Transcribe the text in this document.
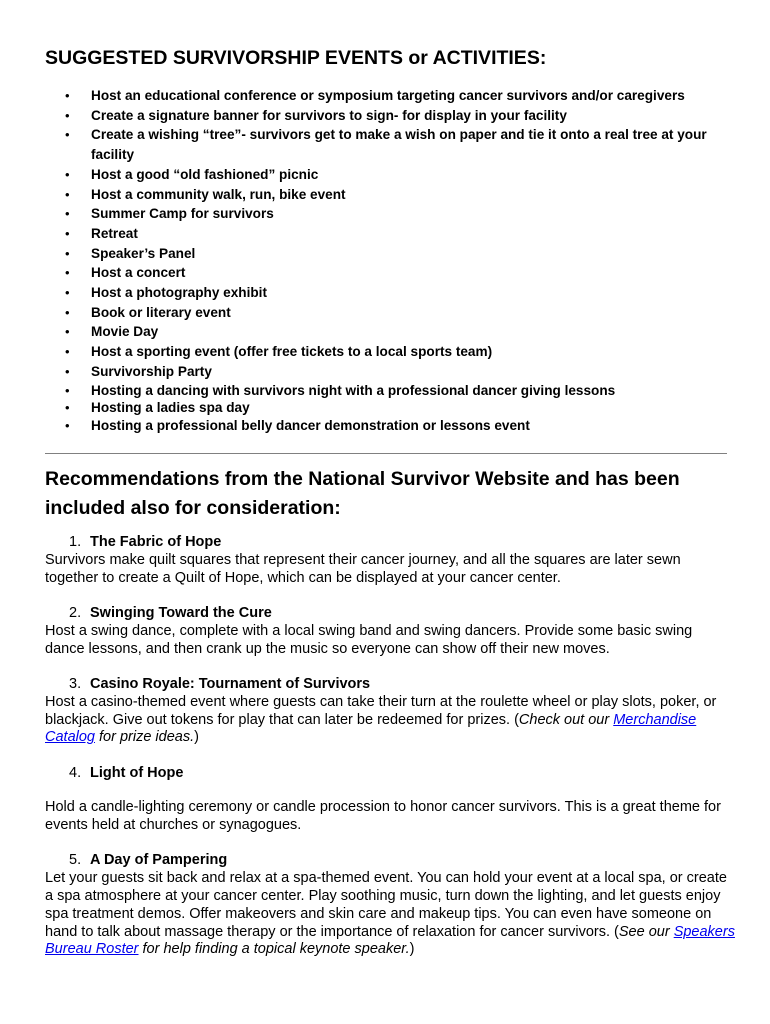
SUGGESTED SURVIVORSHIP EVENTS or ACTIVITIES:
• Host an educational conference or symposium targeting cancer survivors and/or caregivers
• Create a signature banner for survivors to sign- for display in your facility
• Create a wishing “tree”- survivors get to make a wish on paper and tie it onto a real tree at your facility
• Host a good “old fashioned” picnic
• Host a community walk, run, bike event
• Summer Camp for survivors
• Retreat
• Speaker’s Panel
• Host a concert
• Host a photography exhibit
• Book or literary event
• Movie Day
• Host a sporting event (offer free tickets to a local sports team)
• Survivorship Party
• Hosting a dancing with survivors night with a professional dancer giving lessons
• Hosting a ladies spa day
• Hosting a professional belly dancer demonstration or lessons event
Recommendations from the National Survivor Website and has been included also for consideration:
1. The Fabric of Hope

Survivors make quilt squares that represent their cancer journey, and all the squares are later sewn together to create a Quilt of Hope, which can be displayed at your cancer center.

2. Swinging Toward the Cure

Host a swing dance, complete with a local swing band and swing dancers. Provide some basic swing dance lessons, and then crank up the music so everyone can show off their new moves.

3. Casino Royale: Tournament of Survivors

Host a casino-themed event where guests can take their turn at the roulette wheel or play slots, poker, or blackjack. Give out tokens for play that can later be redeemed for prizes. (Check out our Merchandise Catalog for prize ideas.)

4. Light of Hope

Hold a candle-lighting ceremony or candle procession to honor cancer survivors. This is a great theme for events held at churches or synagogues.

5. A Day of Pampering

Let your guests sit back and relax at a spa-themed event. You can hold your event at a local spa, or create a spa atmosphere at your cancer center. Play soothing music, turn down the lighting, and let guests enjoy spa treatment demos. Offer makeovers and skin care and makeup tips. You can even have someone on hand to talk about massage therapy or the importance of relaxation for cancer survivors. (See our Speakers Bureau Roster for help finding a topical keynote speaker.)
